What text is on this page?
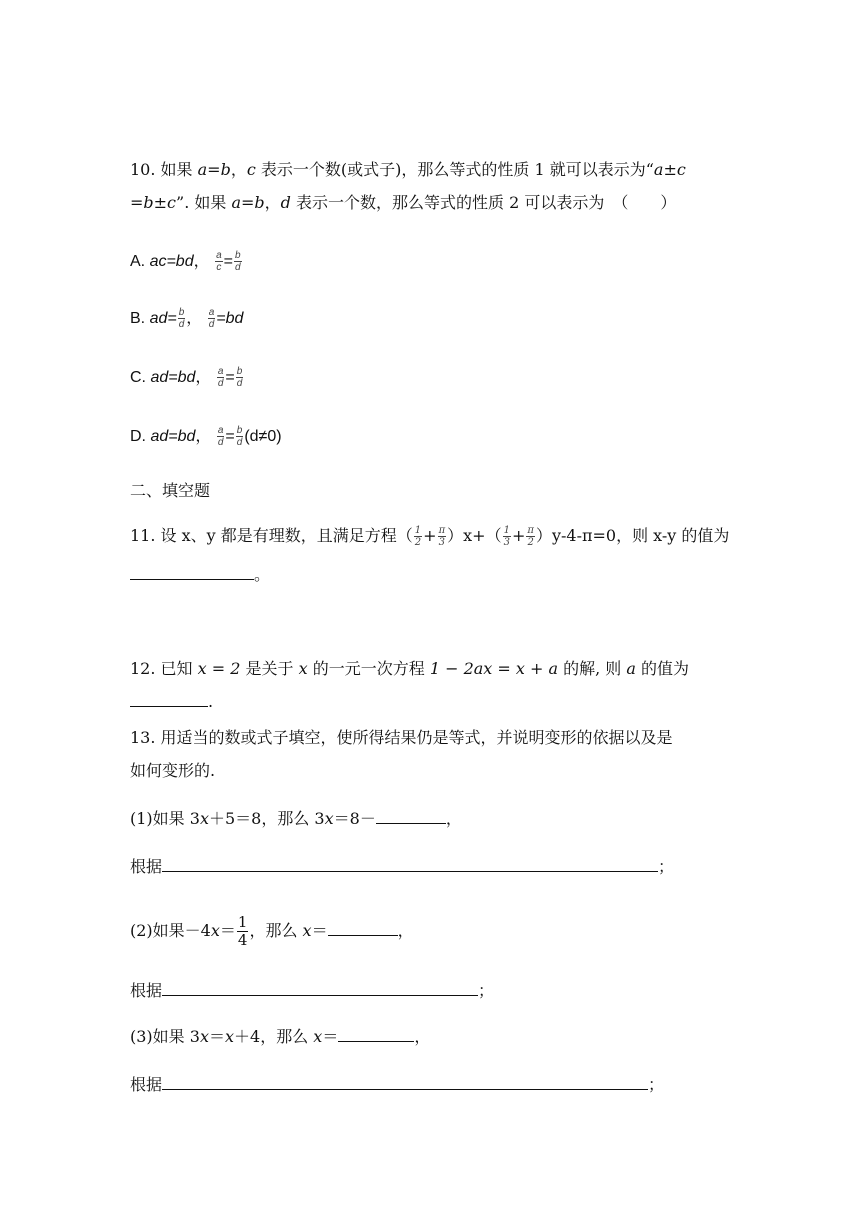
10. 如果 a=b，c 表示一个数(或式子)，那么等式的性质 1 就可以表示为“a±c
=b±c”. 如果 a=b，d 表示一个数，那么等式的性质 2 可以表示为　（　　）
A. ac=bd， $\frac{a}{c} = \frac{b}{d}$
B. $ad= \frac{b}{d}$ ， $\frac{a}{d} =bd$
C. ad=bd， $\frac{a}{d} = \frac{b}{d}$
D. ad=bd， $\frac{a}{d} = \frac{b}{d} (d\ne 0)$
二、填空题
11. 设 x、y 都是有理数，且满足方程（ $\frac{1}{2} + \frac{\pi}{3} )x+( \frac{1}{3} + \frac{\pi}{2} )y-4-\pi=0$，则 x-y 的值为
。
12. 已知 x = 2 是关于 x 的一元一次方程 1 − 2ax = x + a 的解, 则 a 的值为
.
13. 用适当的数或式子填空，使所得结果仍是等式，并说明变形的依据以及是
如何变形的.
(1)如果 3x＋5＝8，那么 3x＝8－	，
根据	；
(2)如果$-4x= \frac{1}{4}$ ，那么 x＝	，
根据	；
(3)如果 3x＝x＋4，那么 x＝	，
根据	；
